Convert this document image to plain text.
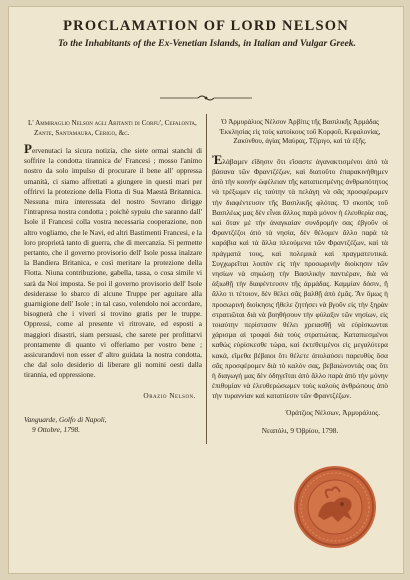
PROCLAMATION OF LORD NELSON
To the Inhabitants of the Ex-Venetian Islands, in Italian and Vulgar Greek.
L' Ammiraglio Nelson agli Abitanti di Corfu', Cefalonta, Zante, Santamaura, Cerigo, &c.
Pervenutaci la sicura notizia, che siete ormai stanchi di soffrire la condotta tirannica de' Francesi ; mosso l'animo nostro da solo impulso di procurare il bene all' oppressa umanità, ci siamo affrettati a giungere in questi mari per offrirvi la protezione della Flotta di Sua Maestà Britannica. Nessuna mira interessata del nostro Sovrano dirigge l'intrapresa nostra condotta ; poichè sypuiu che saranno dall' Isole il Francesi colla vostra necessaria cooperazione, non altro vogliamo, che le Navi, ed altri Bastimenti Francesi, e la loro proprietà tanto di guerra, che di mercanzia. Si permette pertanto, che il governo provisorio dell' Isole possa inalzare la Bandiera Britanica, e così meritare la protezione della Flotta. Niuna contribuzione, gabella, tassa, o cosa simile vi sarà da Noi imposta. Se poi il governo provisorio dell' Isole desiderasse lo sbarco di alcune Truppe per aguitare alla guarnigione dell' Isole ; in tal caso, volendolo noi accordare, bisognerà che i viveri si trovino gratis per le truppe. Oppressi, come al presente vi ritrovate, ed esposti a maggiori disastri, siam persuasi, che sarete per profittarvi prontamente di quanto vi offeriamo per vostro bene ; assicurandovi non esser d' altro guidata la nostra condotta, che dal solo desiderio di liberare gli nomini oesti dalla tirannia, ed oppressione.
Orazio Nelson.
Vanguarde, Golfo di Napoli,
9 Ottobre, 1798.
Ὁ Ἀρμυράλιος Νέλσον Ἀρβίτις τῆς Βασιλικῆς Ἀρμάδας Ἐκκλησίας εἰς τοὺς κατοίκους τοῦ Κορφοῦ, Κεφαλονίας, Ζακύνθου, ἁγίας Μαύρας, Τζίριγο, καὶ τὰ ἑξῆς.
Ἐλάβαμεν εἴδησιν ὅτι εἴσαστε ἀγανακτισμένοι ἀπὸ τὰ βάσανα τῶν Φραντζέζων, καὶ διατοῦτο ἐπαρακινήθημεν ἀπὸ τὴν κοινὴν ὠφέλειαν τῆς καταπιεσμένης ἀνθρωπότητος νὰ τρέξωμεν εἰς ταύτην τὰ πελάγη νὰ σᾶς προσφέρωμεν τὴν διαφέντευσιν τῆς Βασιλικῆς φλότας. Ὁ σκοπὸς τοῦ Βασιλέως μας δὲν εἶναι ἄλλος παρὰ μόνον ἡ ἐλευθερία σας, καὶ ὅταν μὲ τὴν ἀναγκαίαν συνδρομήν σας ἐβγοῦν οἱ Φραντζέζοι ἀπὸ τὰ νησία, δὲν θέλομεν ἄλλο παρὰ τὰ καράβια καὶ τὰ ἄλλα πλεούμενα τῶν Φραντζέζων, καὶ τὰ πράγματά τους, καὶ πολεμικὰ καὶ πραγματευτικά. Συγχωρεῖται λοιπὸν εἰς τὴν προσωρινὴν διοίκησιν τῶν νησίων νὰ σηκώσῃ τὴν Βασιλικὴν παντιέραν, διὰ νὰ ἀξιωθῇ τὴν διαφέντευσιν τῆς ἀρμάδας. Καμμίαν δόσιν, ἢ ἄλλο τι τέτοιον, δὲν θέλει σᾶς βαλθῇ ἀπὸ ἐμᾶς. Ἂν ὅμως ἡ προσωρινὴ διοίκησις ἤθελε ζητήσει νὰ βγοῦν εἰς τὴν ξηρὰν στρατιῶται διὰ νὰ βοηθήσουν τὴν φύλαξιν τῶν νησίων, εἰς τοιαύτην περίστασιν θέλει χρειασθῇ νὰ εὑρίσκωνται χάρισμα αἱ τροφαὶ διὰ τοὺς στρατιώτας. Καταπιεσμένοι καθὼς εὑρίσκεσθε τώρα, καὶ ἐκτεθειμένοι εἰς μεγαλύτερα κακά, εἴμεθα βέβαιοι ὅτι θέλετε ἀπολαύσει παρευθὺς ὅσα σᾶς προσφέρομεν διὰ τὸ καλόν σας, βεβαιώνοντάς σας ὅτι ἡ διαγωγή μας δὲν ὁδηγεῖται ἀπὸ ἄλλο παρὰ ἀπὸ τὴν μόνην ἐπιθυμίαν νὰ ἐλευθερώσωμεν τοὺς καλοὺς ἀνθρώπους ἀπὸ τὴν τυραννίαν καὶ καταπίεσιν τῶν Φραντζέζων.
Ὁράτζιος Νέλσων, Ἀρμυράλιος.
Νεαπόλι, 9 Ὀβρίου, 1798.
